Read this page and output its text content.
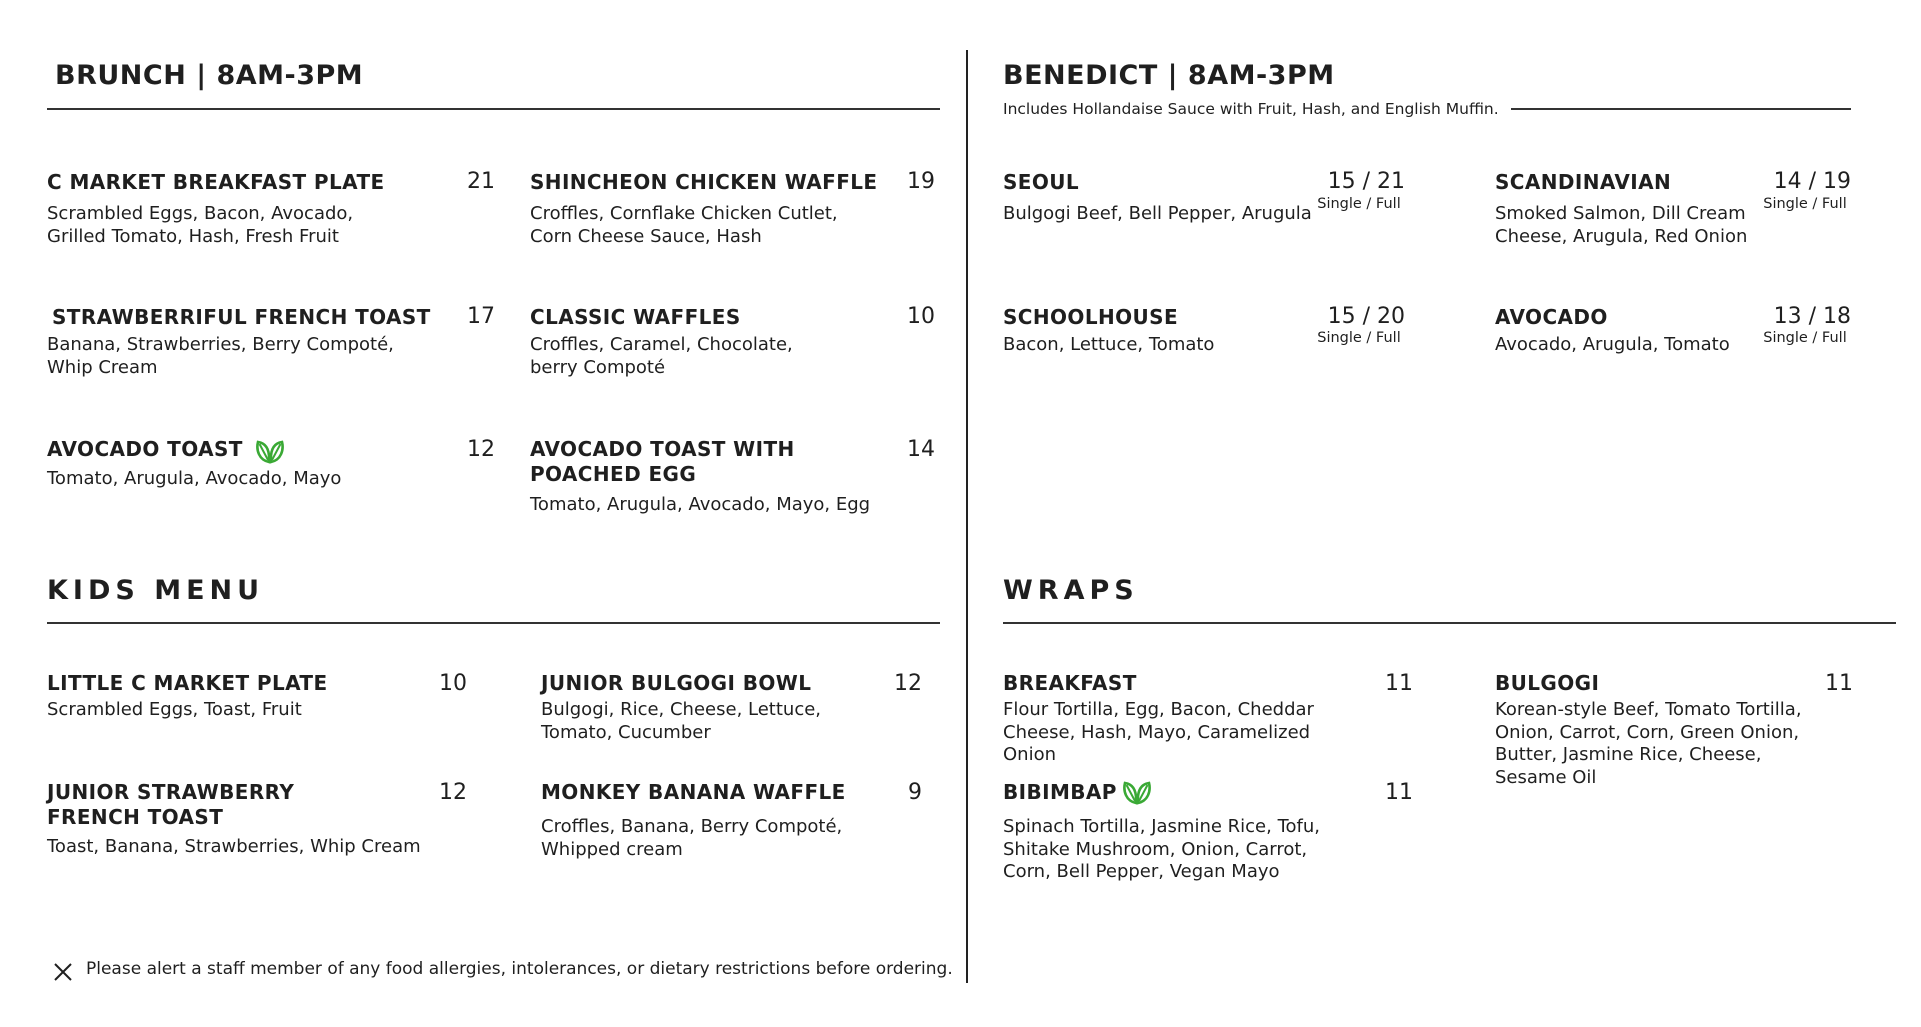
BRUNCH | 8AM-3PM
C MARKET BREAKFAST PLATE	21
Scrambled Eggs, Bacon, Avocado, Grilled Tomato, Hash, Fresh Fruit
SHINCHEON CHICKEN WAFFLE	19
Croffles, Cornflake Chicken Cutlet, Corn Cheese Sauce, Hash
STRAWBERRIFUL FRENCH TOAST	17
Banana, Strawberries, Berry Compoté, Whip Cream
CLASSIC WAFFLES	10
Croffles, Caramel, Chocolate, berry Compoté
AVOCADO TOAST	12
Tomato, Arugula, Avocado, Mayo
AVOCADO TOAST WITH POACHED EGG
14
Tomato, Arugula, Avocado, Mayo, Egg
BENEDICT | 8AM-3PM
Includes Hollandaise Sauce with Fruit, Hash, and English Muffin.
SEOUL	15 / 21
Single / Full
Bulgogi Beef, Bell Pepper, Arugula
SCANDINAVIAN	14 / 19
Single / Full
Smoked Salmon, Dill Cream Cheese, Arugula, Red Onion
SCHOOLHOUSE	15 / 20
Single / Full
Bacon, Lettuce, Tomato
AVOCADO	13 / 18
Single / Full
Avocado, Arugula, Tomato
KIDS MENU
LITTLE C MARKET PLATE	10
Scrambled Eggs, Toast, Fruit
JUNIOR BULGOGI BOWL	12
Bulgogi, Rice, Cheese, Lettuce, Tomato, Cucumber
JUNIOR STRAWBERRY FRENCH TOAST
12
Toast, Banana, Strawberries, Whip Cream
MONKEY BANANA WAFFLE	9
Croffles, Banana, Berry Compoté, Whipped cream
WRAPS
BREAKFAST	11
Flour Tortilla, Egg, Bacon, Cheddar Cheese, Hash, Mayo, Caramelized Onion
BULGOGI	11
Korean-style Beef, Tomato Tortilla, Onion, Carrot, Corn, Green Onion, Butter, Jasmine Rice, Cheese, Sesame Oil
BIBIMBAP	11
Spinach Tortilla, Jasmine Rice, Tofu, Shitake Mushroom, Onion, Carrot, Corn, Bell Pepper, Vegan Mayo
Please alert a staff member of any food allergies, intolerances, or dietary restrictions before ordering.
